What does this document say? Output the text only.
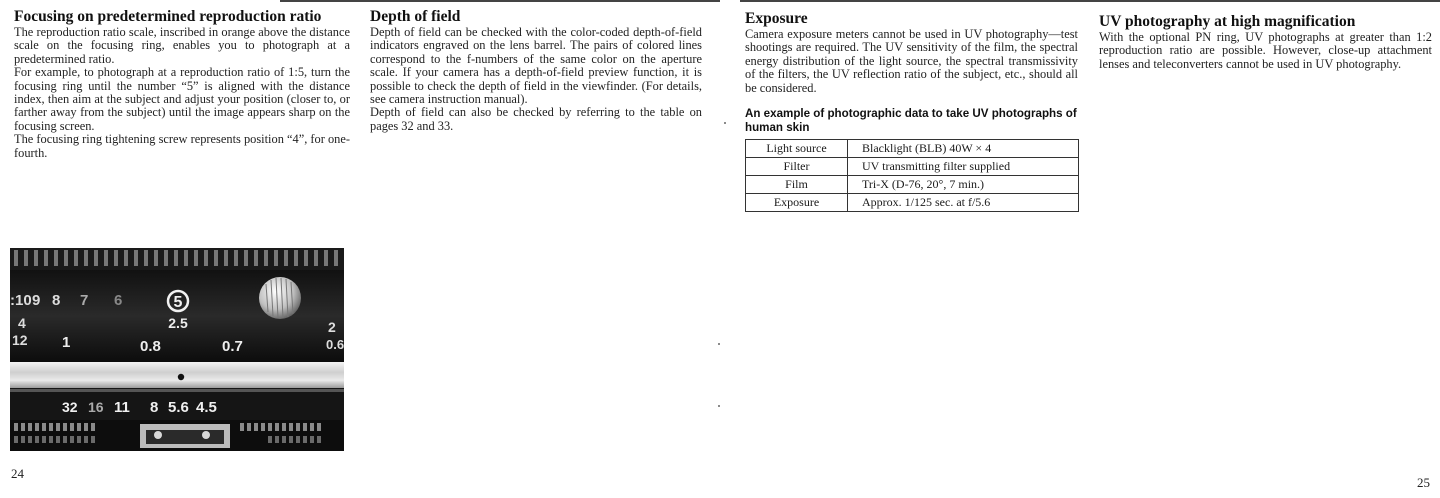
Focusing on predetermined reproduction ratio

The reproduction ratio scale, inscribed in orange above the distance scale on the focusing ring, enables you to photograph at a predetermined ratio.

For example, to photograph at a reproduction ratio of 1:5, turn the focusing ring until the number “5” is aligned with the distance index, then aim at the subject and adjust your position (closer to, or farther away from the subject) until the image appears sharp on the focusing screen.

The focusing ring tightening screw represents position “4”, for one-fourth.

Depth of field

Depth of field can be checked with the color-coded depth-of-field indicators engraved on the lens barrel. The pairs of colored lines correspond to the f-numbers of the same color on the aperture scale. If your camera has a depth-of-field preview function, it is possible to check the depth of field in the viewfinder. (For details, see camera instruction manual).

Depth of field can also be checked by referring to the table on pages 32 and 33.

Exposure

Camera exposure meters cannot be used in UV photography—test shootings are required. The UV sensitivity of the film, the spectral energy distribution of the light source, the spectral transmissivity of the filters, the UV reflection ratio of the subject, etc., should all be considered.

An example of photographic data to take UV photographs of human skin
Light source	Blacklight (BLB) 40W × 4
Filter	UV transmitting filter supplied
Film	Tri-X (D-76, 20°, 7 min.)
Exposure	Approx. 1/125 sec. at f/5.6
UV photography at high magnification

With the optional PN ring, UV photographs at greater than 1:2 reproduction ratio are possible. However, close-up attachment lenses and teleconverters cannot be used in UV photography.

:10 9 8 7 6	5
2.5
4
12 1	0.8	0.7
2
0.6
32 16 11 8 5.6 4.5
24
25
